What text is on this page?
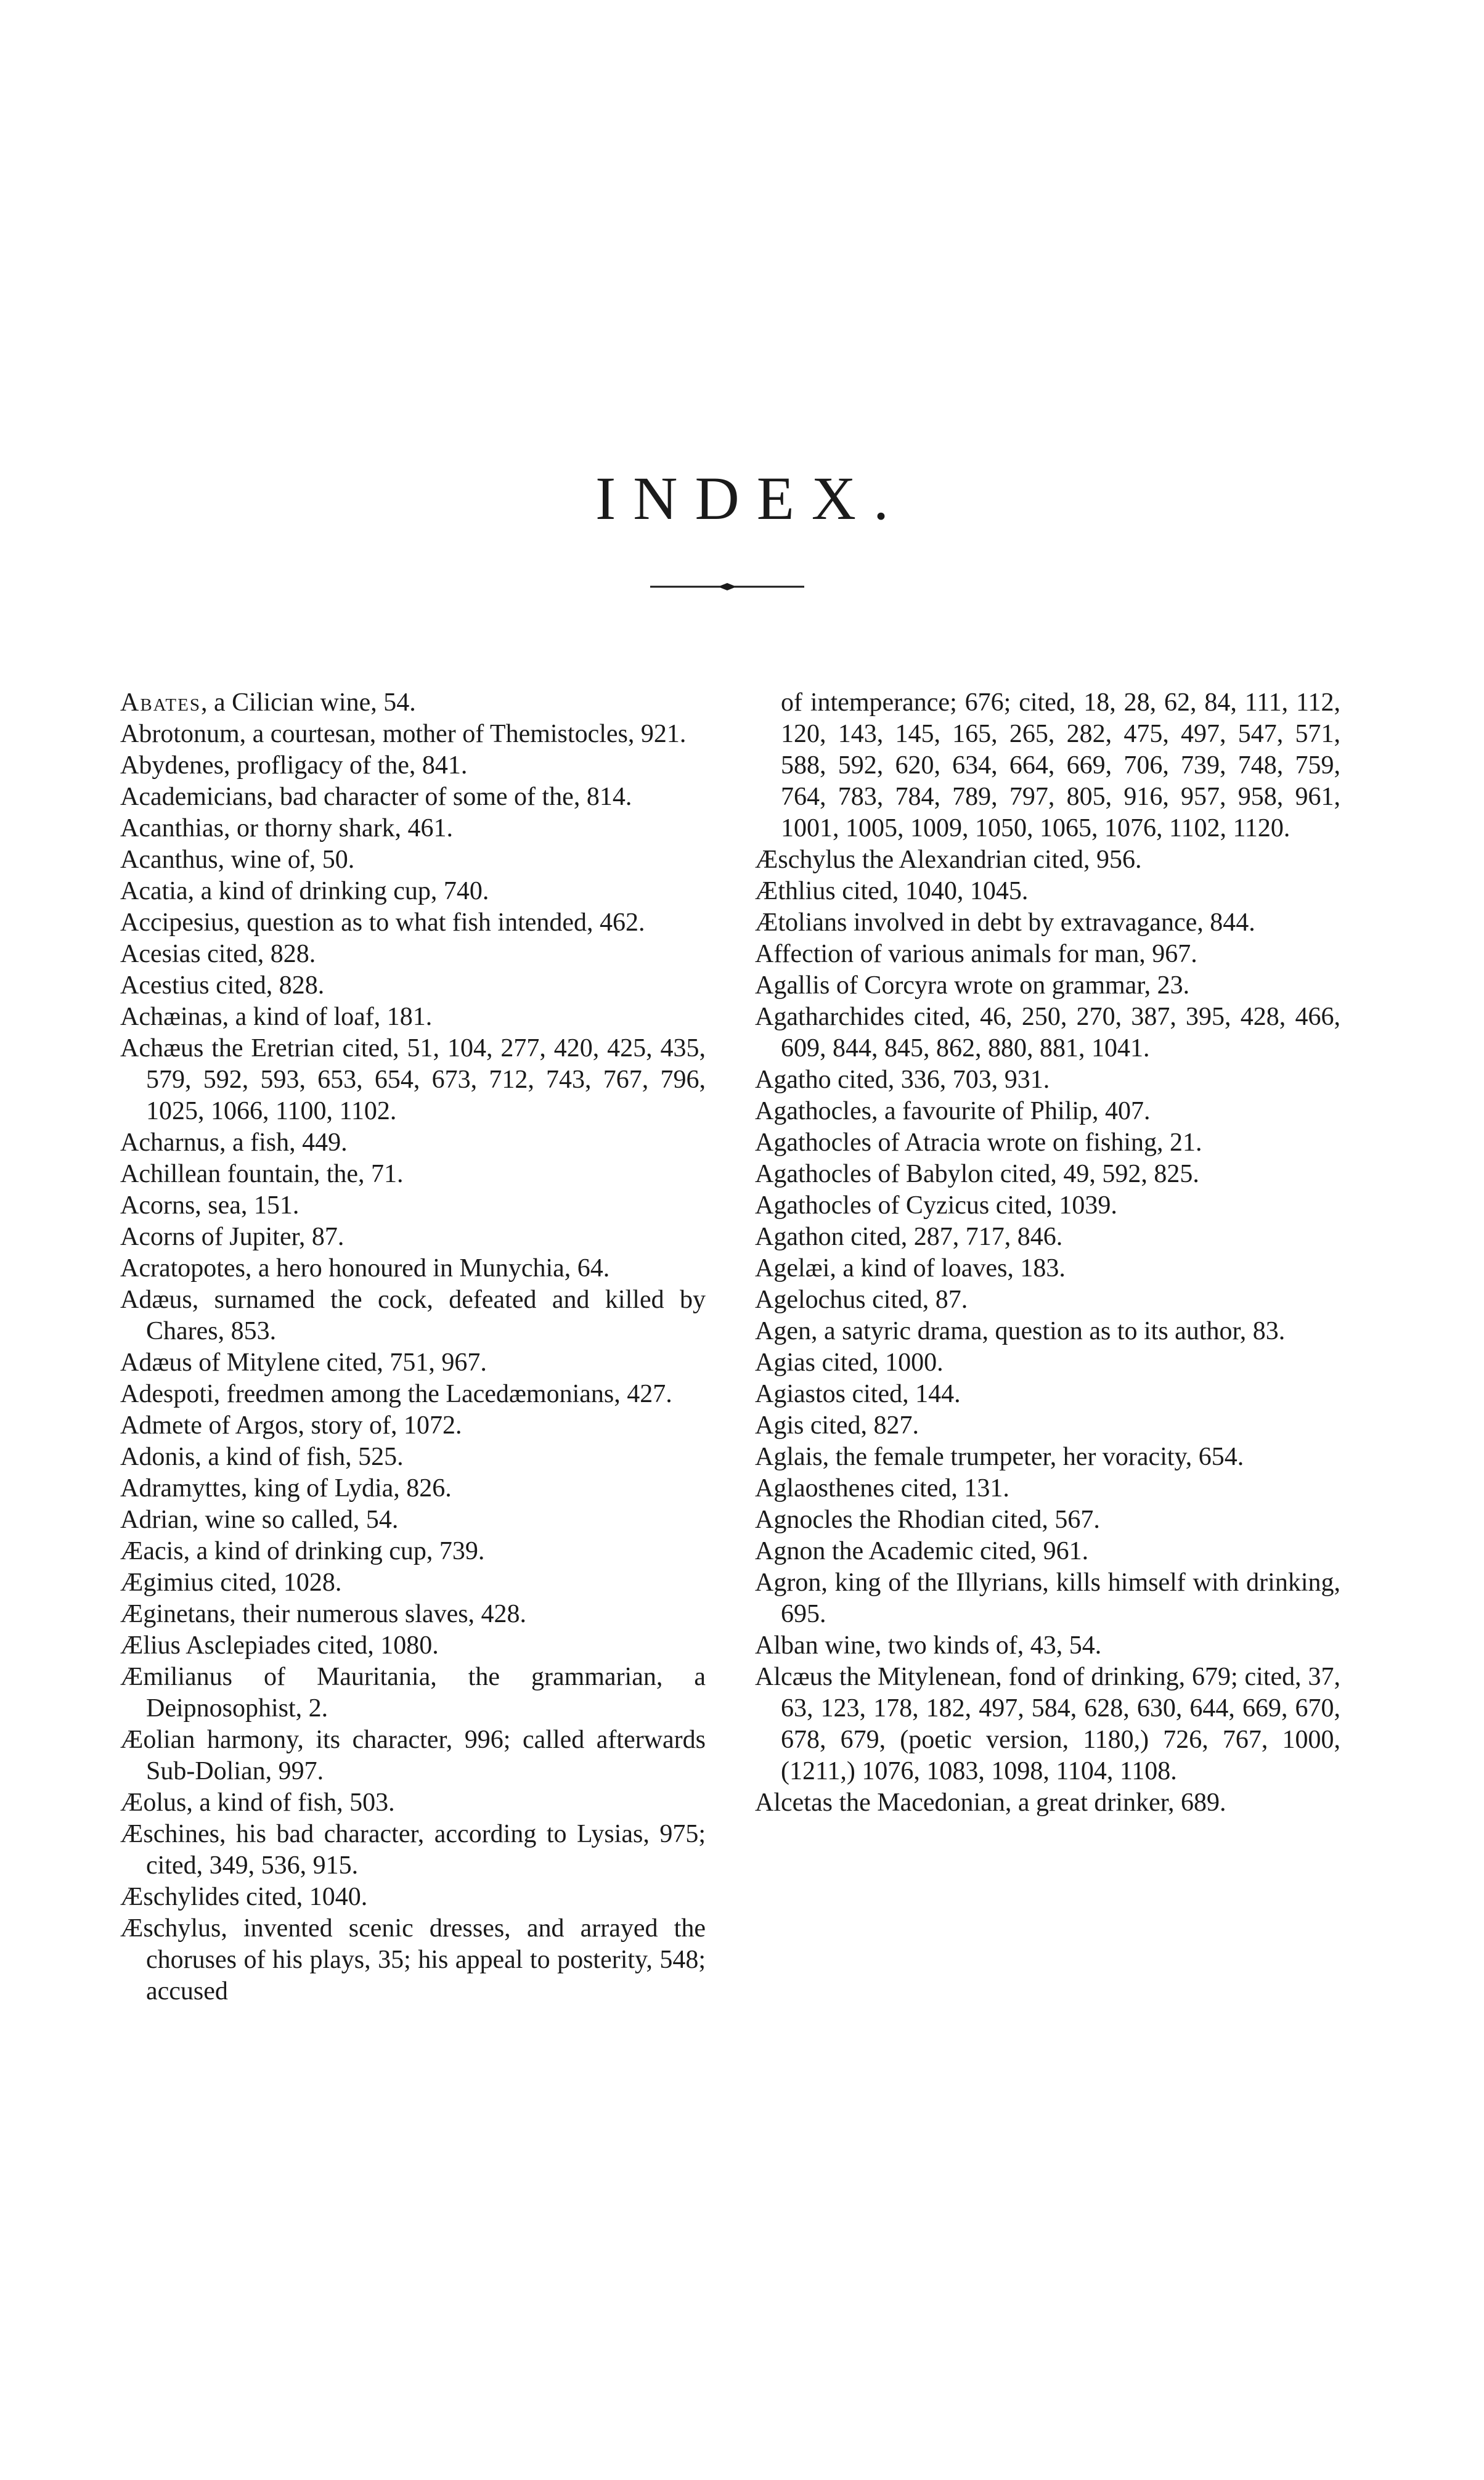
INDEX.
Abates, a Cilician wine, 54.
Abrotonum, a courtesan, mother of Themistocles, 921.
Abydenes, profligacy of the, 841.
Academicians, bad character of some of the, 814.
Acanthias, or thorny shark, 461.
Acanthus, wine of, 50.
Acatia, a kind of drinking cup, 740.
Accipesius, question as to what fish intended, 462.
Acesias cited, 828.
Acestius cited, 828.
Achæinas, a kind of loaf, 181.
Achæus the Eretrian cited, 51, 104, 277, 420, 425, 435, 579, 592, 593, 653, 654, 673, 712, 743, 767, 796, 1025, 1066, 1100, 1102.
Acharnus, a fish, 449.
Achillean fountain, the, 71.
Acorns, sea, 151.
Acorns of Jupiter, 87.
Acratopotes, a hero honoured in Munychia, 64.
Adæus, surnamed the cock, defeated and killed by Chares, 853.
Adæus of Mitylene cited, 751, 967.
Adespoti, freedmen among the Lacedæmonians, 427.
Admete of Argos, story of, 1072.
Adonis, a kind of fish, 525.
Adramyttes, king of Lydia, 826.
Adrian, wine so called, 54.
Æacis, a kind of drinking cup, 739.
Ægimius cited, 1028.
Æginetans, their numerous slaves, 428.
Ælius Asclepiades cited, 1080.
Æmilianus of Mauritania, the grammarian, a Deipnosophist, 2.
Æolian harmony, its character, 996; called afterwards Sub-Dolian, 997.
Æolus, a kind of fish, 503.
Æschines, his bad character, according to Lysias, 975; cited, 349, 536, 915.
Æschylides cited, 1040.
Æschylus, invented scenic dresses, and arrayed the choruses of his plays, 35; his appeal to posterity, 548; accused
of intemperance; 676; cited, 18, 28, 62, 84, 111, 112, 120, 143, 145, 165, 265, 282, 475, 497, 547, 571, 588, 592, 620, 634, 664, 669, 706, 739, 748, 759, 764, 783, 784, 789, 797, 805, 916, 957, 958, 961, 1001, 1005, 1009, 1050, 1065, 1076, 1102, 1120.
Æschylus the Alexandrian cited, 956.
Æthlius cited, 1040, 1045.
Ætolians involved in debt by extravagance, 844.
Affection of various animals for man, 967.
Agallis of Corcyra wrote on grammar, 23.
Agatharchides cited, 46, 250, 270, 387, 395, 428, 466, 609, 844, 845, 862, 880, 881, 1041.
Agatho cited, 336, 703, 931.
Agathocles, a favourite of Philip, 407.
Agathocles of Atracia wrote on fishing, 21.
Agathocles of Babylon cited, 49, 592, 825.
Agathocles of Cyzicus cited, 1039.
Agathon cited, 287, 717, 846.
Agelæi, a kind of loaves, 183.
Agelochus cited, 87.
Agen, a satyric drama, question as to its author, 83.
Agias cited, 1000.
Agiastos cited, 144.
Agis cited, 827.
Aglais, the female trumpeter, her voracity, 654.
Aglaosthenes cited, 131.
Agnocles the Rhodian cited, 567.
Agnon the Academic cited, 961.
Agron, king of the Illyrians, kills himself with drinking, 695.
Alban wine, two kinds of, 43, 54.
Alcæus the Mitylenean, fond of drinking, 679; cited, 37, 63, 123, 178, 182, 497, 584, 628, 630, 644, 669, 670, 678, 679, (poetic version, 1180,) 726, 767, 1000, (1211,) 1076, 1083, 1098, 1104, 1108.
Alcetas the Macedonian, a great drinker, 689.
